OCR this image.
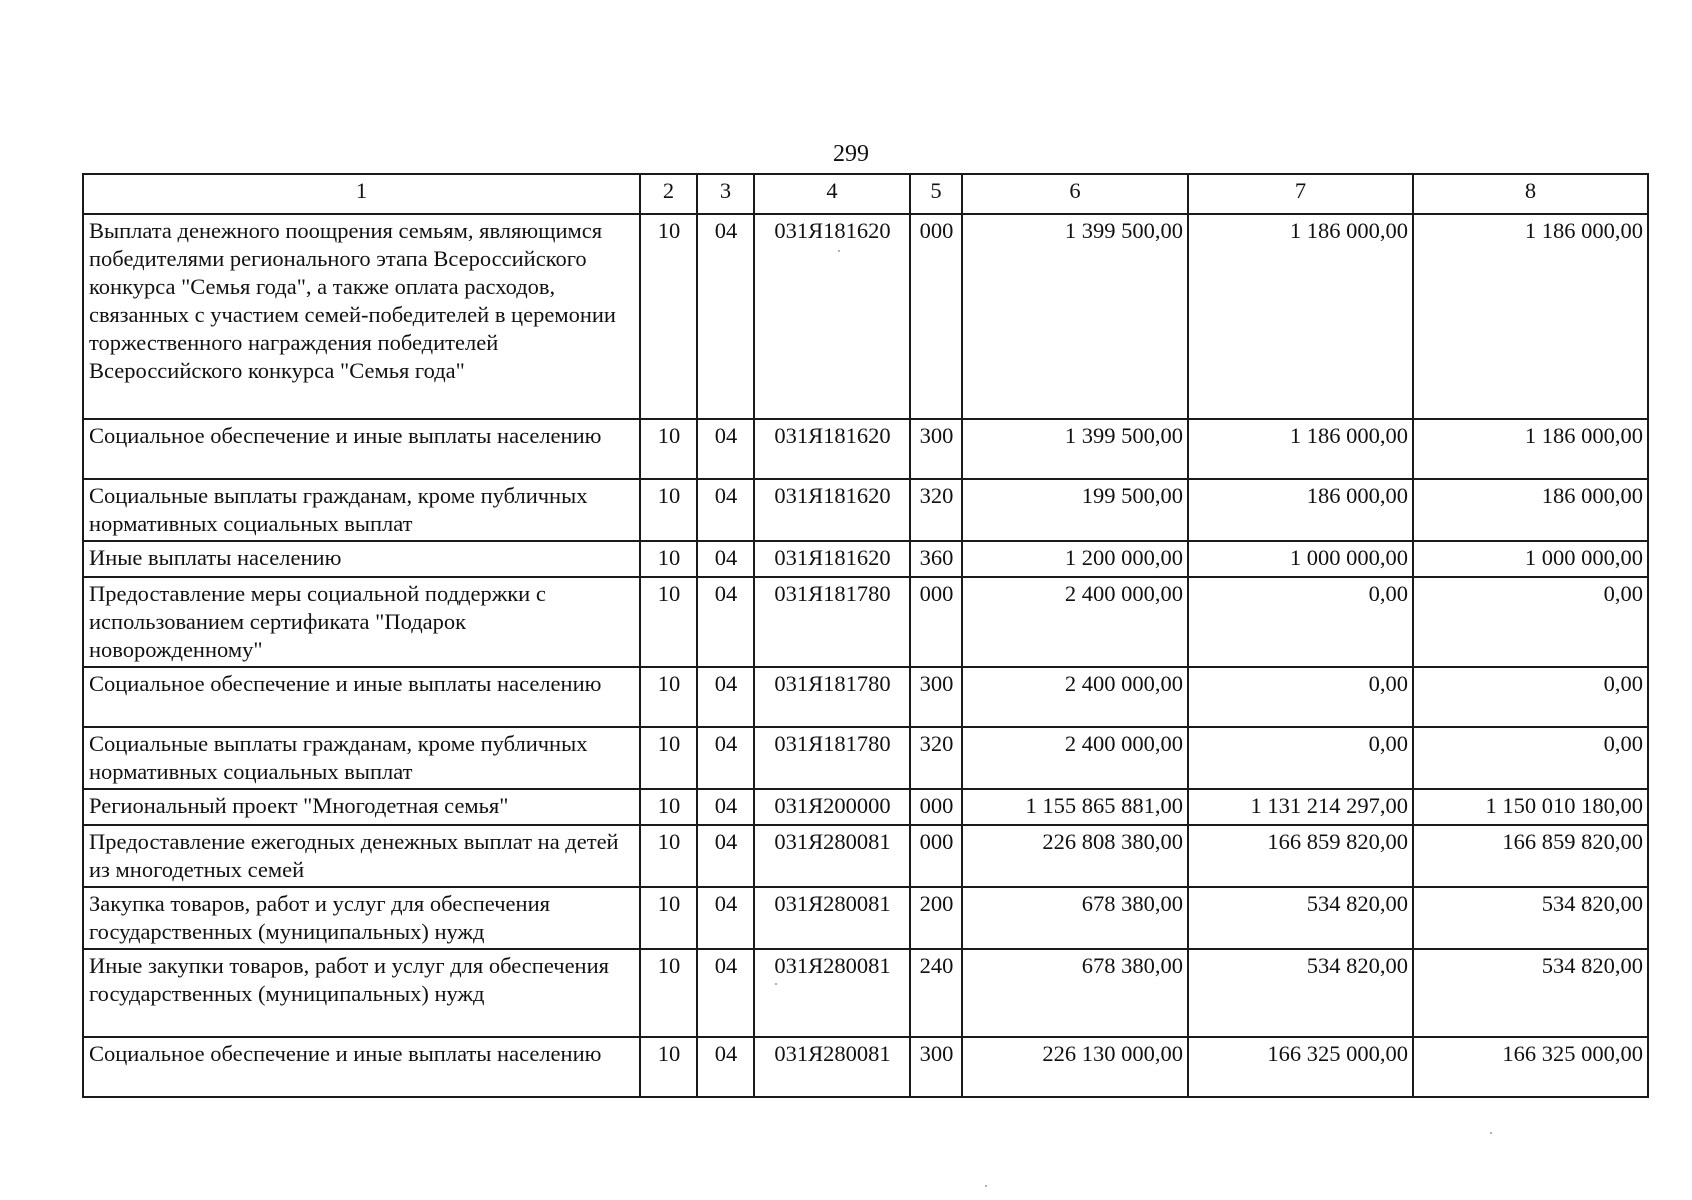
299
1	2	3	4	5	6	7	8
Выплата денежного поощрения семьям, являющимся победителями регионального этапа Всероссийского конкурса "Семья года", а также оплата расходов, связанных с участием семей-победителей в церемонии торжественного награждения победителей Всероссийского конкурса "Семья года"	10	04	031Я181620	000	1 399 500,00	1 186 000,00	1 186 000,00
Социальное обеспечение и иные выплаты населению	10	04	031Я181620	300	1 399 500,00	1 186 000,00	1 186 000,00
Социальные выплаты гражданам, кроме публичных нормативных социальных выплат	10	04	031Я181620	320	199 500,00	186 000,00	186 000,00
Иные выплаты населению	10	04	031Я181620	360	1 200 000,00	1 000 000,00	1 000 000,00
Предоставление меры социальной поддержки с использованием сертификата "Подарок новорожденному"	10	04	031Я181780	000	2 400 000,00	0,00	0,00
Социальное обеспечение и иные выплаты населению	10	04	031Я181780	300	2 400 000,00	0,00	0,00
Социальные выплаты гражданам, кроме публичных нормативных социальных выплат	10	04	031Я181780	320	2 400 000,00	0,00	0,00
Региональный проект "Многодетная семья"	10	04	031Я200000	000	1 155 865 881,00	1 131 214 297,00	1 150 010 180,00
Предоставление ежегодных денежных выплат на детей из многодетных семей	10	04	031Я280081	000	226 808 380,00	166 859 820,00	166 859 820,00
Закупка товаров, работ и услуг для обеспечения государственных (муниципальных) нужд	10	04	031Я280081	200	678 380,00	534 820,00	534 820,00
Иные закупки товаров, работ и услуг для обеспечения государственных (муниципальных) нужд	10	04	031Я280081	240	678 380,00	534 820,00	534 820,00
Социальное обеспечение и иные выплаты населению	10	04	031Я280081	300	226 130 000,00	166 325 000,00	166 325 000,00
